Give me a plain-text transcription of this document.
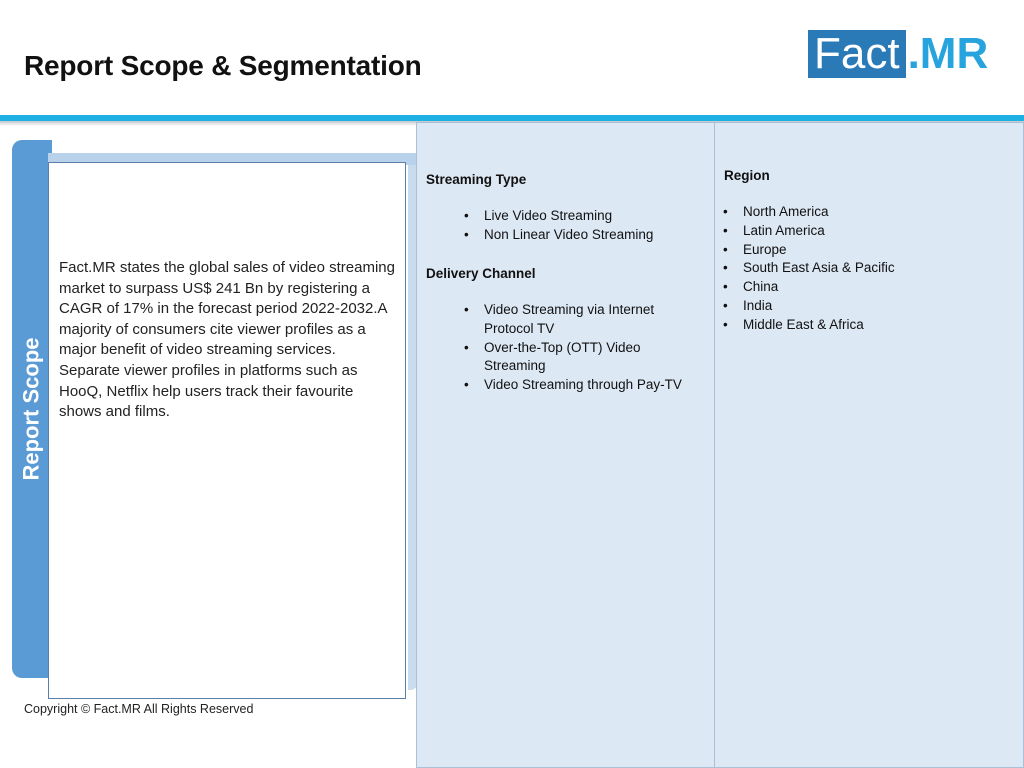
Report Scope & Segmentation	Fact .MR
Report Scope
Fact.MR states the global sales of video streaming market to surpass US$ 241 Bn by registering a CAGR of 17% in the forecast period 2022-2032.A majority of consumers cite viewer profiles as a major benefit of video streaming services. Separate viewer profiles in platforms such as HooQ, Netflix help users track their favourite shows and films.
Streaming Type
• Live Video Streaming
• Non Linear Video Streaming
Delivery Channel
• Video Streaming via Internet Protocol TV
• Over-the-Top (OTT) Video Streaming
• Video Streaming through Pay-TV
Region
• North America
• Latin America
• Europe
• South East Asia & Pacific
• China
• India
• Middle East & Africa
Copyright © Fact.MR All Rights Reserved
